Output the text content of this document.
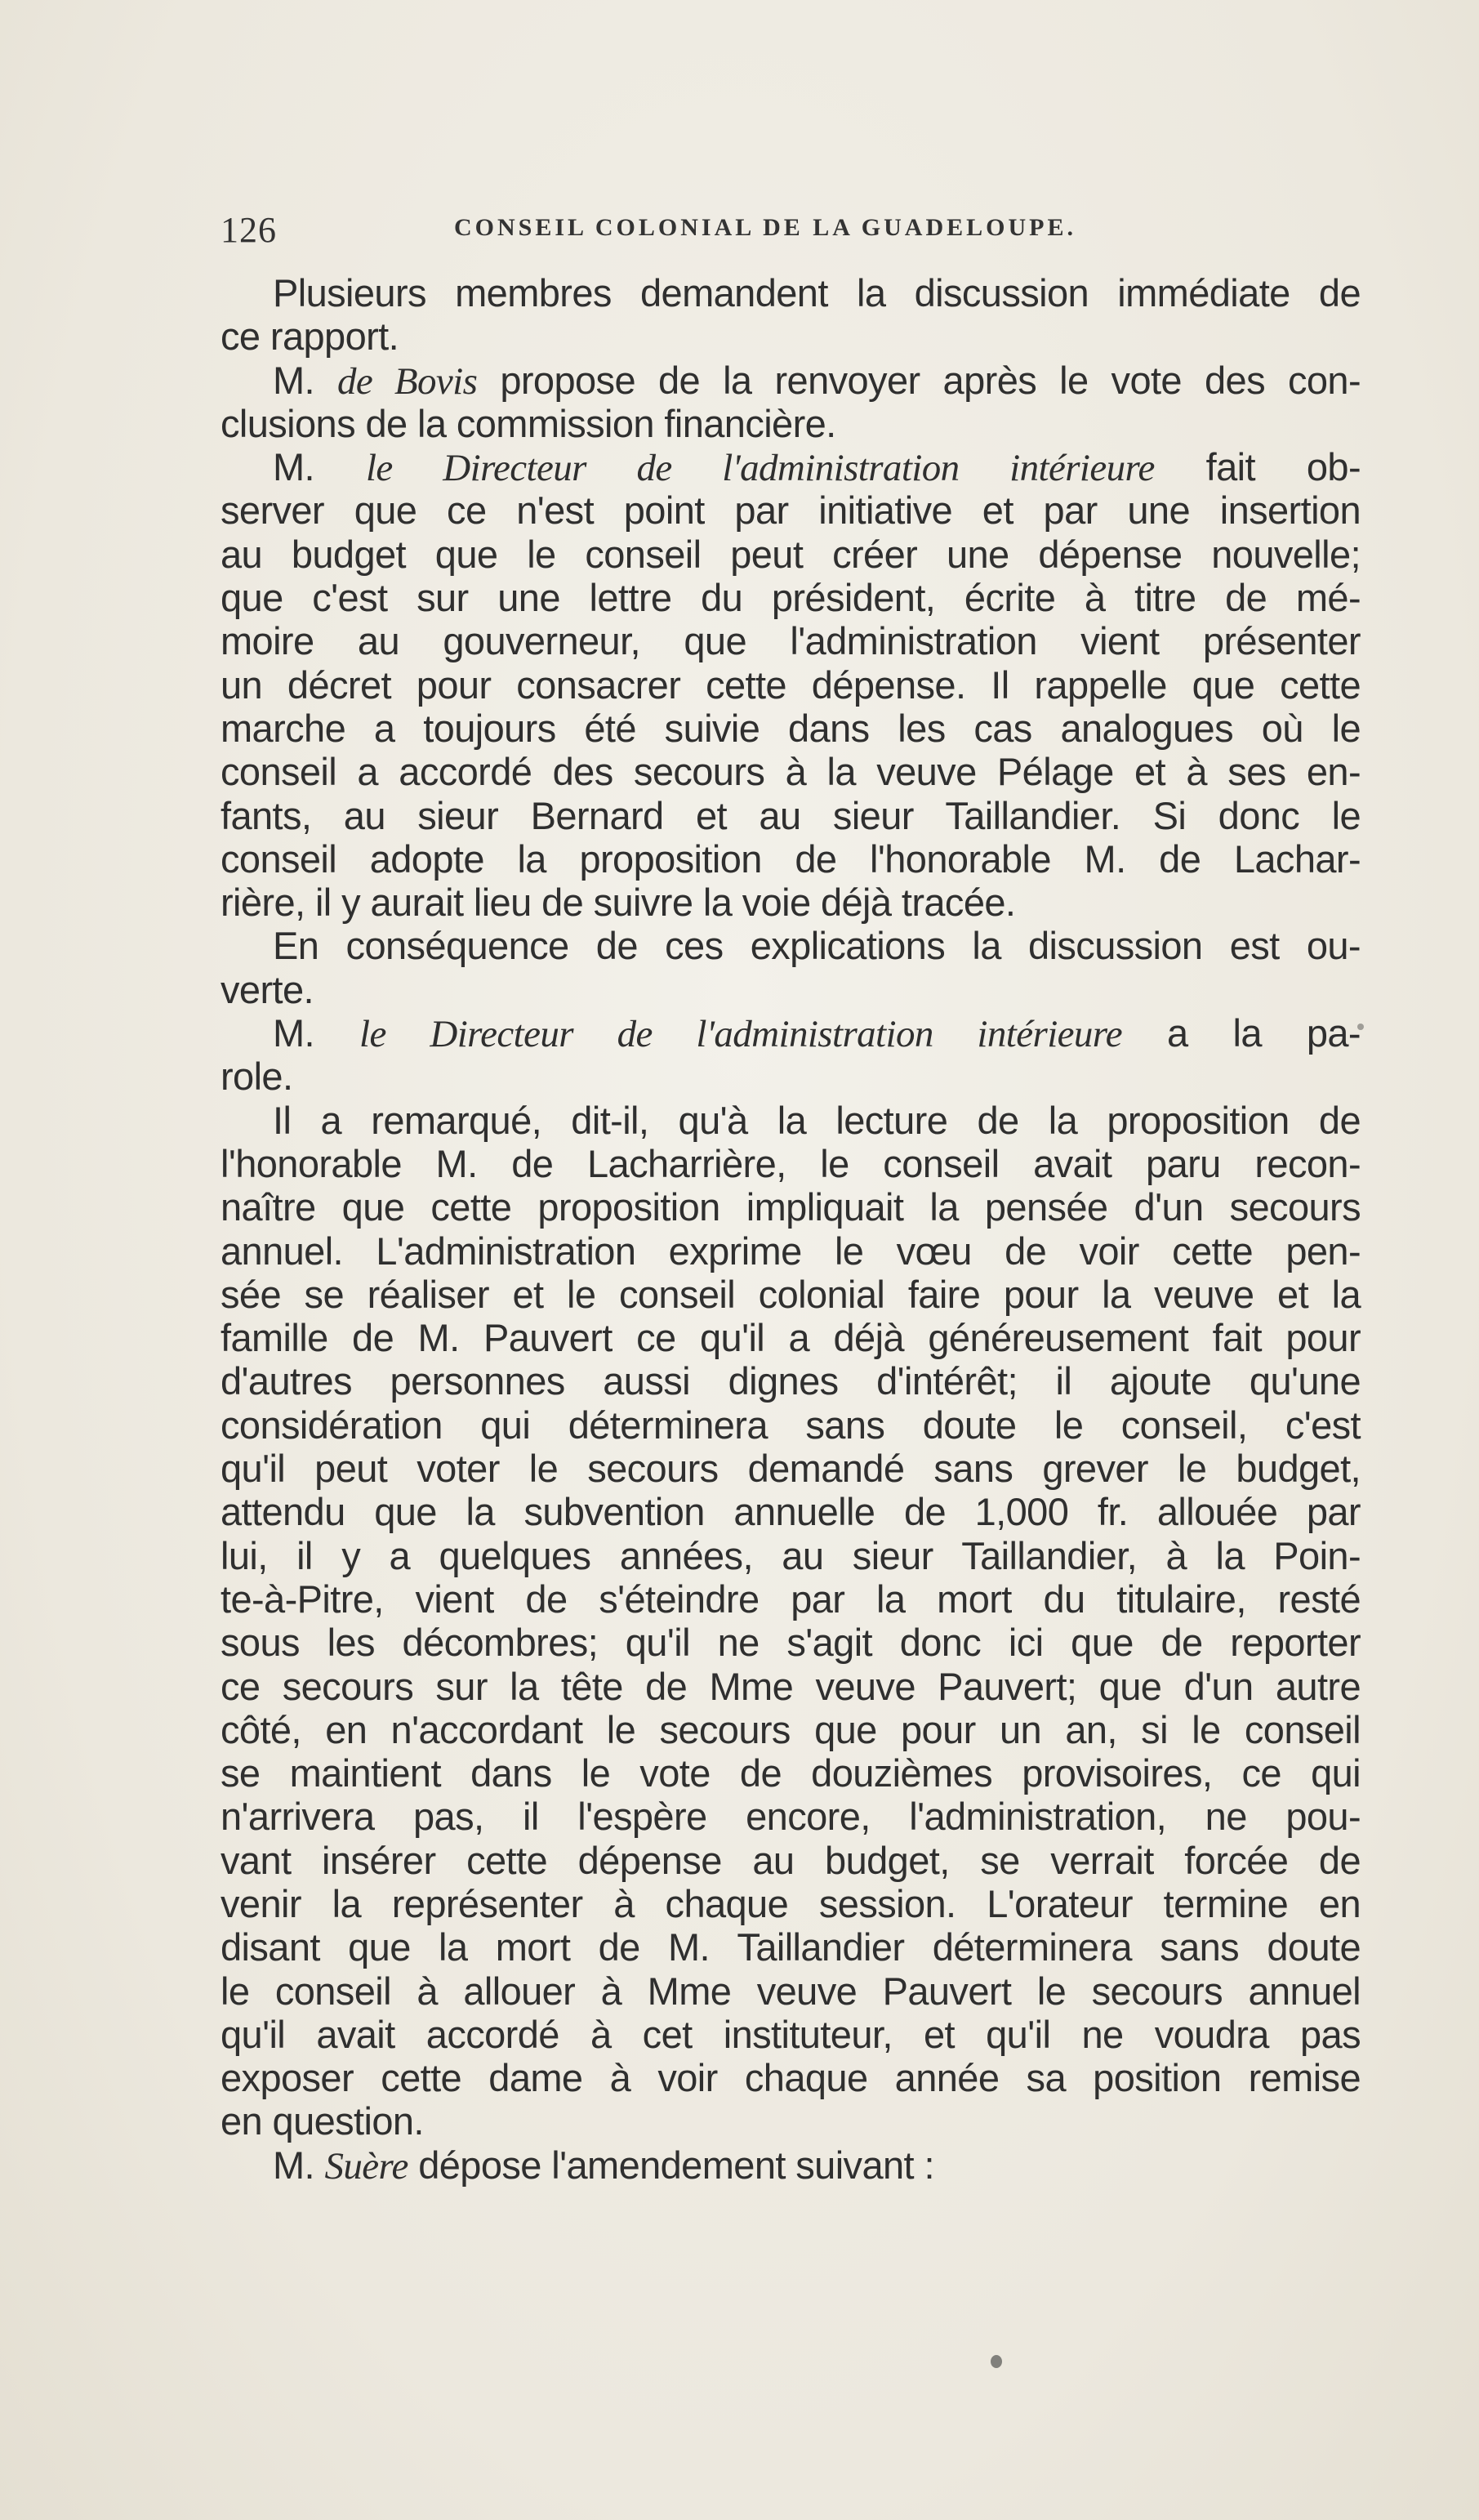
126	CONSEIL COLONIAL DE LA GUADELOUPE.
Plusieurs membres demandent la discussion immédiate de
ce rapport.
M. de Bovis propose de la renvoyer après le vote des con-
clusions de la commission financière.
M. le Directeur de l'administration intérieure fait ob-
server que ce n'est point par initiative et par une insertion
au budget que le conseil peut créer une dépense nouvelle;
que c'est sur une lettre du président, écrite à titre de mé-
moire au gouverneur, que l'administration vient présenter
un décret pour consacrer cette dépense. Il rappelle que cette
marche a toujours été suivie dans les cas analogues où le
conseil a accordé des secours à la veuve Pélage et à ses en-
fants, au sieur Bernard et au sieur Taillandier. Si donc le
conseil adopte la proposition de l'honorable M. de Lachar-
rière, il y aurait lieu de suivre la voie déjà tracée.
En conséquence de ces explications la discussion est ou-
verte.
M. le Directeur de l'administration intérieure a la pa-
role.
Il a remarqué, dit-il, qu'à la lecture de la proposition de
l'honorable M. de Lacharrière, le conseil avait paru recon-
naître que cette proposition impliquait la pensée d'un secours
annuel. L'administration exprime le vœu de voir cette pen-
sée se réaliser et le conseil colonial faire pour la veuve et la
famille de M. Pauvert ce qu'il a déjà généreusement fait pour
d'autres personnes aussi dignes d'intérêt; il ajoute qu'une
considération qui déterminera sans doute le conseil, c'est
qu'il peut voter le secours demandé sans grever le budget,
attendu que la subvention annuelle de 1,000 fr. allouée par
lui, il y a quelques années, au sieur Taillandier, à la Poin-
te-à-Pitre, vient de s'éteindre par la mort du titulaire, resté
sous les décombres; qu'il ne s'agit donc ici que de reporter
ce secours sur la tête de Mme veuve Pauvert; que d'un autre
côté, en n'accordant le secours que pour un an, si le conseil
se maintient dans le vote de douzièmes provisoires, ce qui
n'arrivera pas, il l'espère encore, l'administration, ne pou-
vant insérer cette dépense au budget, se verrait forcée de
venir la représenter à chaque session. L'orateur termine en
disant que la mort de M. Taillandier déterminera sans doute
le conseil à allouer à Mme veuve Pauvert le secours annuel
qu'il avait accordé à cet instituteur, et qu'il ne voudra pas
exposer cette dame à voir chaque année sa position remise
en question.
M. Suère dépose l'amendement suivant :
